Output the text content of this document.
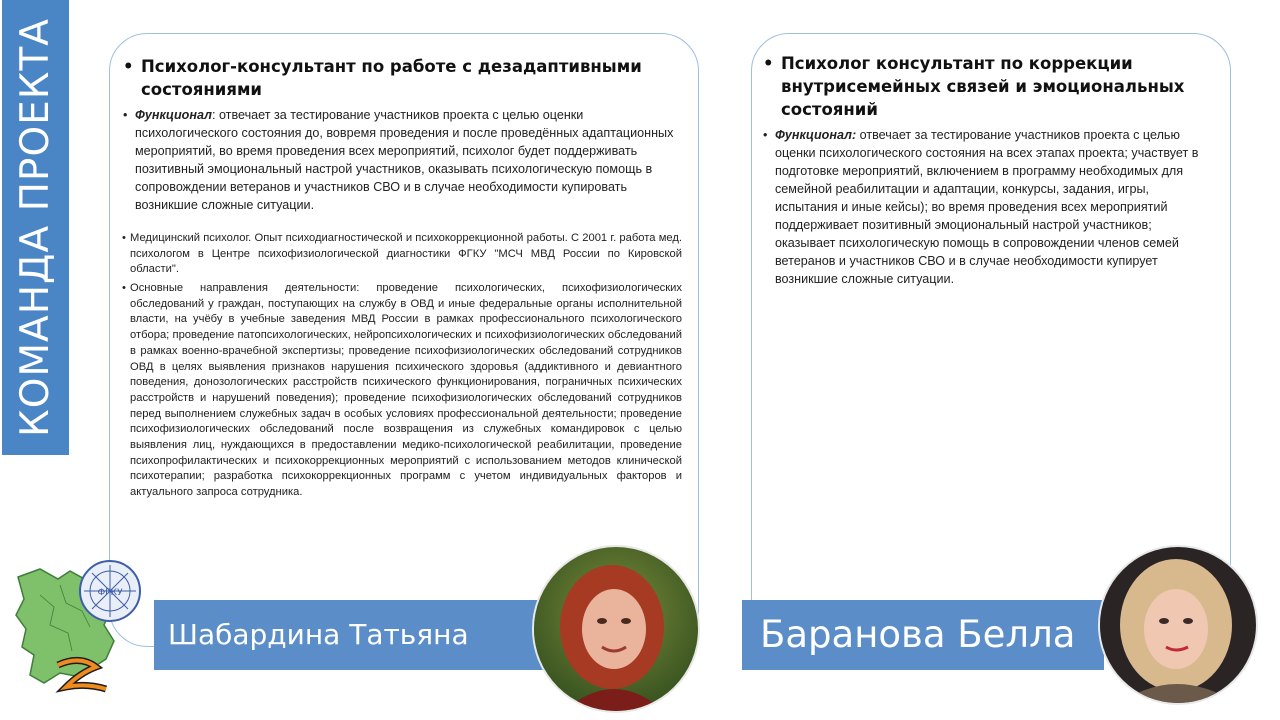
КОМАНДА ПРОЕКТА	• Психолог-консультант по работе с дезадаптивными состояниями
• Функционал: отвечает за тестирование участников проекта с целью оценки психологического состояния до, вовремя проведения и после проведённых адаптационных мероприятий, во время проведения всех мероприятий, психолог будет поддерживать позитивный эмоциональный настрой участников, оказывать психологическую помощь в сопровождении ветеранов и участников СВО и в случае необходимости купировать возникшие сложные ситуации.
• Медицинский психолог. Опыт психодиагностической и психокоррекционной работы. С 2001 г. работа мед. психологом в Центре психофизиологической диагностики ФГКУ "МСЧ МВД России по Кировской области".
• Основные направления деятельности: проведение психологических, психофизиологических обследований у граждан, поступающих на службу в ОВД и иные федеральные органы исполнительной власти, на учёбу в учебные заведения МВД России в рамках профессионального психологического отбора; проведение патопсихологических, нейропсихологических и психофизиологических обследований в рамках военно-врачебной экспертизы; проведение психофизиологических обследований сотрудников ОВД в целях выявления признаков нарушения психического здоровья (аддиктивного и девиантного поведения, донозологических расстройств психического функционирования, пограничных психических расстройств и нарушений поведения); проведение психофизиологических обследований сотрудников перед выполнением служебных задач в особых условиях профессиональной деятельности; проведение психофизиологических обследований после возвращения из служебных командировок с целью выявления лиц, нуждающихся в предоставлении медико-психологической реабилитации, проведение психопрофилактических и психокоррекционных мероприятий с использованием методов клинической психотерапии; разработка психокоррекционных программ с учетом индивидуальных факторов и актуального запроса сотрудника.
• Психолог консультант по коррекции внутрисемейных связей и эмоциональных состояний
• Функционал: отвечает за тестирование участников проекта с целью оценки психологического состояния на всех этапах проекта; участвует в подготовке мероприятий, включением в программу необходимых для семейной реабилитации и адаптации, конкурсы, задания, игры, испытания и иные кейсы); во время проведения всех мероприятий поддерживает позитивный эмоциональный настрой участников; оказывает психологическую помощь в сопровождении членов семей ветеранов и участников СВО и в случае необходимости купирует возникшие сложные ситуации.
ФГКУ
Шабардина Татьяна	Баранова Белла
